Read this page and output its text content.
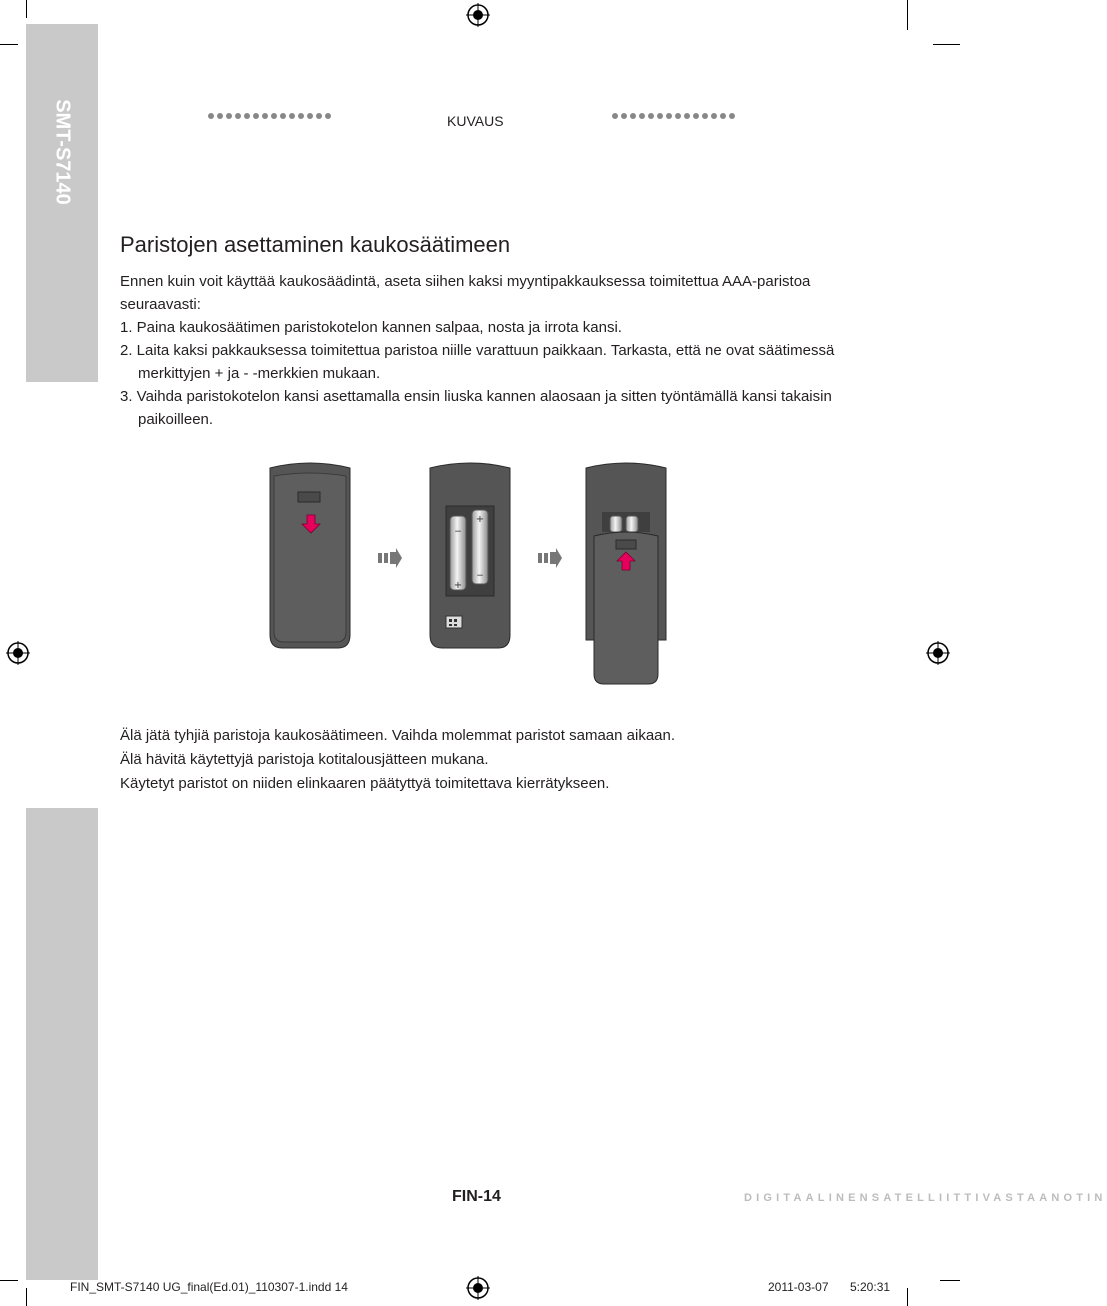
SMT-S7140	KUVAUS
Paristojen asettaminen kaukosäätimeen
Ennen kuin voit käyttää kaukosäädintä, aseta siihen kaksi myyntipakkauksessa toimitettua AAA-paristoa seuraavasti:
1. Paina kaukosäätimen paristokotelon kannen salpaa, nosta ja irrota kansi.
2. Laita kaksi pakkauksessa toimitettua paristoa niille varattuun paikkaan. Tarkasta, että ne ovat säätimessä merkittyjen + ja - -merkkien mukaan.
3. Vaihda paristokotelon kansi asettamalla ensin liuska kannen alaosaan ja sitten työntämällä kansi takaisin paikoilleen.
−
+
+
−

Älä jätä tyhjiä paristoja kaukosäätimeen. Vaihda molemmat paristot samaan aikaan.

Älä hävitä käytettyjä paristoja kotitalousjätteen mukana.

Käytetyt paristot on niiden elinkaaren päätyttyä toimitettava kierrätykseen.

FIN-14	DIGITAALINENSATELLIITTIVASTAANOTIN
FIN_SMT-S7140 UG_final(Ed.01)_110307-1.indd 14	2011-03-07 5:20:31
